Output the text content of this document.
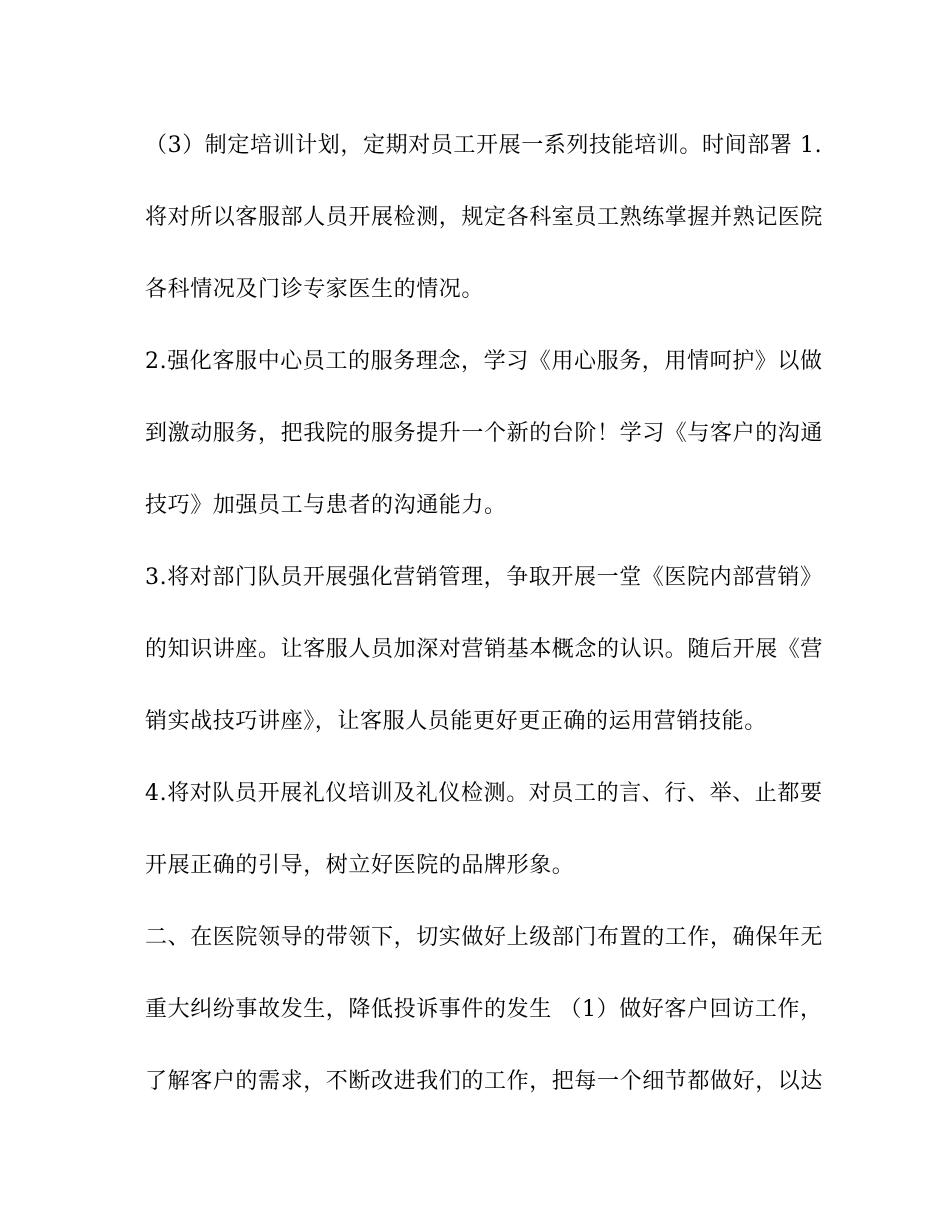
（3）制定培训计划，定期对员工开展一系列技能培训。时间部署 1.
将对所以客服部人员开展检测，规定各科室员工熟练掌握并熟记医院
各科情况及门诊专家医生的情况。
2.强化客服中心员工的服务理念，学习《用心服务，用情呵护》以做
到激动服务，把我院的服务提升一个新的台阶！学习《与客户的沟通
技巧》加强员工与患者的沟通能力。
3.将对部门队员开展强化营销管理，争取开展一堂《医院内部营销》
的知识讲座。让客服人员加深对营销基本概念的认识。随后开展《营
销实战技巧讲座》，让客服人员能更好更正确的运用营销技能。
4.将对队员开展礼仪培训及礼仪检测。对员工的言、行、举、止都要
开展正确的引导，树立好医院的品牌形象。
二、在医院领导的带领下，切实做好上级部门布置的工作，确保年无
重大纠纷事故发生，降低投诉事件的发生 （1）做好客户回访工作，
了解客户的需求，不断改进我们的工作，把每一个细节都做好，以达
